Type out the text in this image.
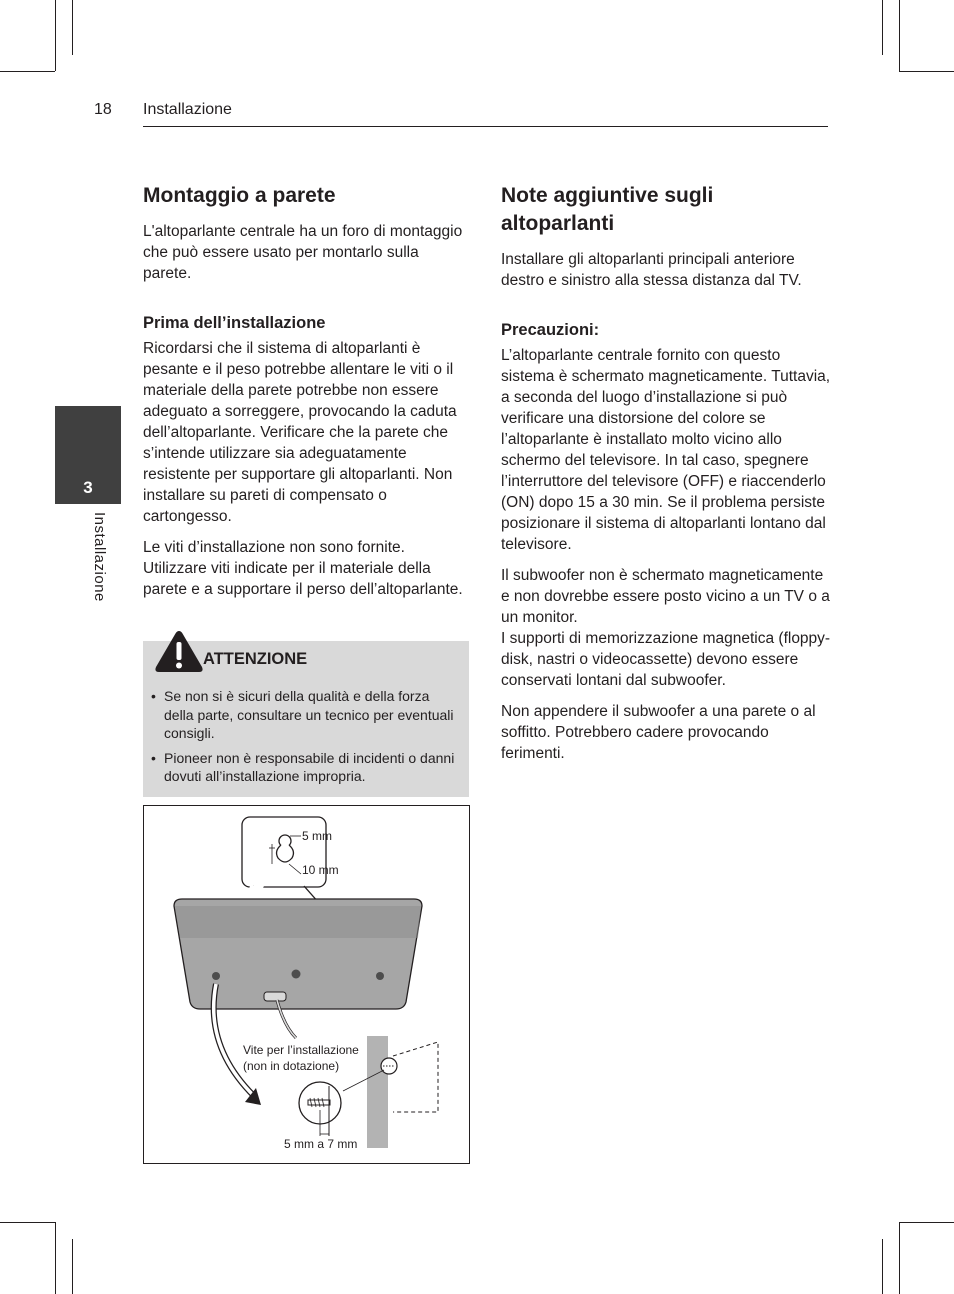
18 Installazione
3
Installazione
Montaggio a parete

L'altoparlante centrale ha un foro di montaggio che può essere usato per montarlo sulla parete.

Prima dell’installazione

Ricordarsi che il sistema di altoparlanti è pesante e il peso potrebbe allentare le viti o il materiale della parete potrebbe non essere adeguato a sorreggere, provocando la caduta dell’altoparlante. Verificare che la parete che s’intende utilizzare sia adeguatamente resistente per supportare gli altoparlanti. Non installare su pareti di compensato o cartongesso.

Le viti d’installazione non sono fornite. Utilizzare viti indicate per il materiale della parete e a supportare il perso dell’altoparlante.

ATTENZIONE
• Se non si è sicuri della qualità e della forza della parte, consultare un tecnico per eventuali consigli.
• Pioneer non è responsabile di incidenti o danni dovuti all’installazione impropria.
5 mm
10 mm
Vite per l’installazione
(non in dotazione)
5 mm a 7 mm
Note aggiuntive sugli altoparlanti

Installare gli altoparlanti principali anteriore destro e sinistro alla stessa distanza dal TV.

Precauzioni:

L’altoparlante centrale fornito con questo sistema è schermato magneticamente. Tuttavia, a seconda del luogo d’installazione si può verificare una distorsione del colore se l’altoparlante è installato molto vicino allo schermo del televisore. In tal caso, spegnere l’interruttore del televisore (OFF) e riaccenderlo (ON) dopo 15 a 30 min. Se il problema persiste posizionare il sistema di altoparlanti lontano dal televisore.

Il subwoofer non è schermato magneticamente e non dovrebbe essere posto vicino a un TV o a un monitor.

I supporti di memorizzazione magnetica (floppy-disk, nastri o videocassette) devono essere conservati lontani dal subwoofer.

Non appendere il subwoofer a una parete o al soffitto. Potrebbero cadere provocando ferimenti.
